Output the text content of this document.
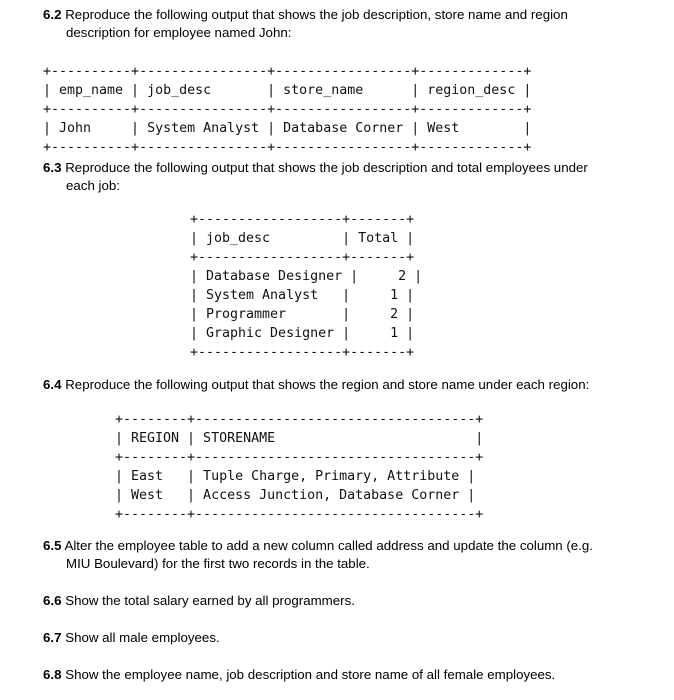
6.2 Reproduce the following output that shows the job description, store name and region
description for employee named John:
+----------+----------------+-----------------+-------------+
| emp_name | job_desc       | store_name      | region_desc |
+----------+----------------+-----------------+-------------+
| John     | System Analyst | Database Corner | West        |
+----------+----------------+-----------------+-------------+
6.3 Reproduce the following output that shows the job description and total employees under
each job:
+------------------+-------+
| job_desc         | Total |
+------------------+-------+
| Database Designer |     2 |
| System Analyst   |     1 |
| Programmer       |     2 |
| Graphic Designer |     1 |
+------------------+-------+
6.4 Reproduce the following output that shows the region and store name under each region:
+--------+-----------------------------------+
| REGION | STORENAME                         |
+--------+-----------------------------------+
| East   | Tuple Charge, Primary, Attribute |
| West   | Access Junction, Database Corner |
+--------+-----------------------------------+
6.5 Alter the employee table to add a new column called address and update the column (e.g.
MIU Boulevard) for the first two records in the table.
6.6 Show the total salary earned by all programmers.
6.7 Show all male employees.
6.8 Show the employee name, job description and store name of all female employees.
